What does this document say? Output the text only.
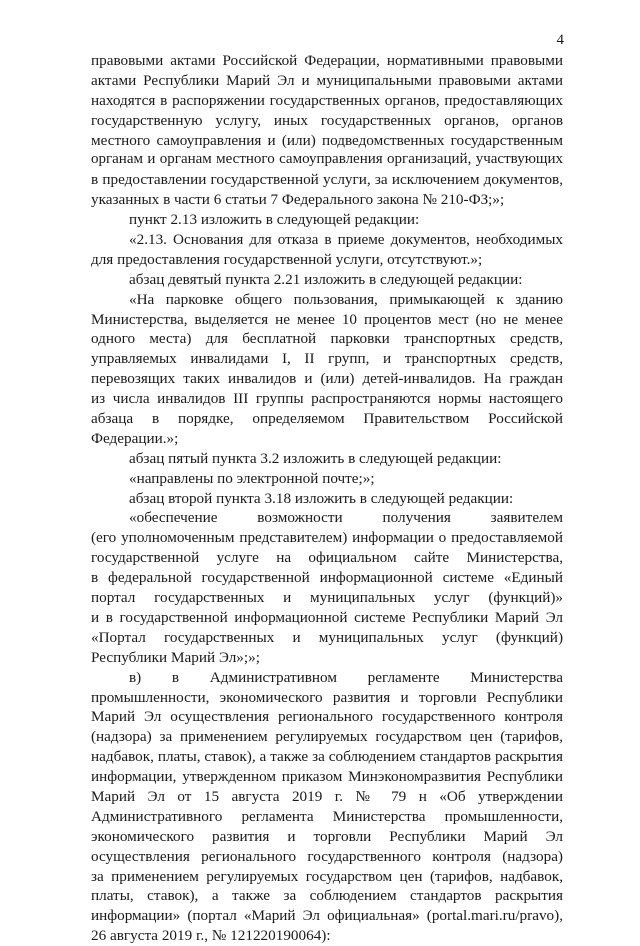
4
правовыми актами Российской Федерации, нормативными правовыми
актами Республики Марий Эл и муниципальными правовыми актами
находятся в распоряжении государственных органов, предоставляющих
государственную услугу, иных государственных органов, органов
местного самоуправления и (или) подведомственных государственным
органам и органам местного самоуправления организаций, участвующих
в предоставлении государственной услуги, за исключением документов,
указанных в части 6 статьи 7 Федерального закона № 210-ФЗ;»;
пункт 2.13 изложить в следующей редакции:
«2.13. Основания для отказа в приеме документов, необходимых
для предоставления государственной услуги, отсутствуют.»;
абзац девятый пункта 2.21 изложить в следующей редакции:
«На парковке общего пользования, примыкающей к зданию
Министерства, выделяется не менее 10 процентов мест (но не менее
одного места) для бесплатной парковки транспортных средств,
управляемых инвалидами I, II групп, и транспортных средств,
перевозящих таких инвалидов и (или) детей-инвалидов. На граждан
из числа инвалидов III группы распространяются нормы настоящего
абзаца в порядке, определяемом Правительством Российской
Федерации.»;
абзац пятый пункта 3.2 изложить в следующей редакции:
«направлены по электронной почте;»;
абзац второй пункта 3.18 изложить в следующей редакции:
«обеспечение возможности получения заявителем
(его уполномоченным представителем) информации о предоставляемой
государственной услуге на официальном сайте Министерства,
в федеральной государственной информационной системе «Единый
портал государственных и муниципальных услуг (функций)»
и в государственной информационной системе Республики Марий Эл
«Портал государственных и муниципальных услуг (функций)
Республики Марий Эл»;»;
в) в Административном регламенте Министерства
промышленности, экономического развития и торговли Республики
Марий Эл осуществления регионального государственного контроля
(надзора) за применением регулируемых государством цен (тарифов,
надбавок, платы, ставок), а также за соблюдением стандартов раскрытия
информации, утвержденном приказом Минэкономразвития Республики
Марий Эл от 15 августа 2019 г. № 79 н «Об утверждении
Административного регламента Министерства промышленности,
экономического развития и торговли Республики Марий Эл
осуществления регионального государственного контроля (надзора)
за применением регулируемых государством цен (тарифов, надбавок,
платы, ставок), а также за соблюдением стандартов раскрытия
информации» (портал «Марий Эл официальная» (portal.mari.ru/pravo),
26 августа 2019 г., № 121220190064):
